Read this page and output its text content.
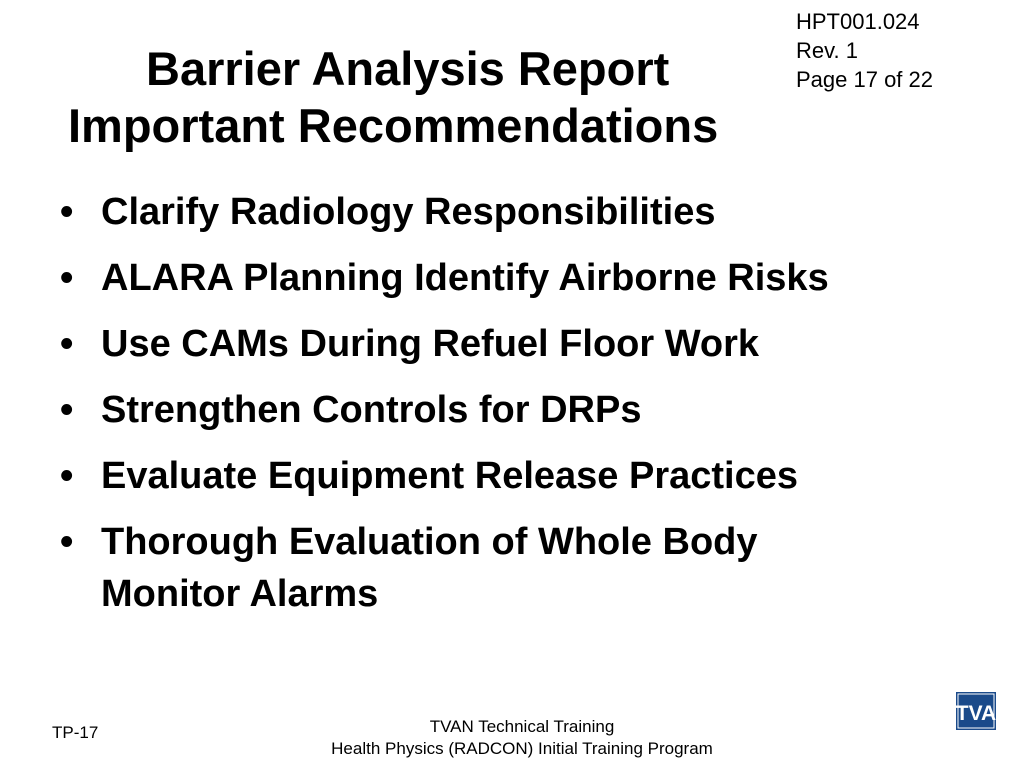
HPT001.024
Rev. 1
Page 17 of 22
Barrier Analysis Report
Important Recommendations
• Clarify Radiology Responsibilities
• ALARA Planning Identify Airborne Risks
• Use CAMs During Refuel Floor Work
• Strengthen Controls for DRPs
• Evaluate Equipment Release Practices
• Thorough Evaluation of Whole Body Monitor Alarms
TP-17	TVAN Technical Training
Health Physics (RADCON) Initial Training Program
TVA
